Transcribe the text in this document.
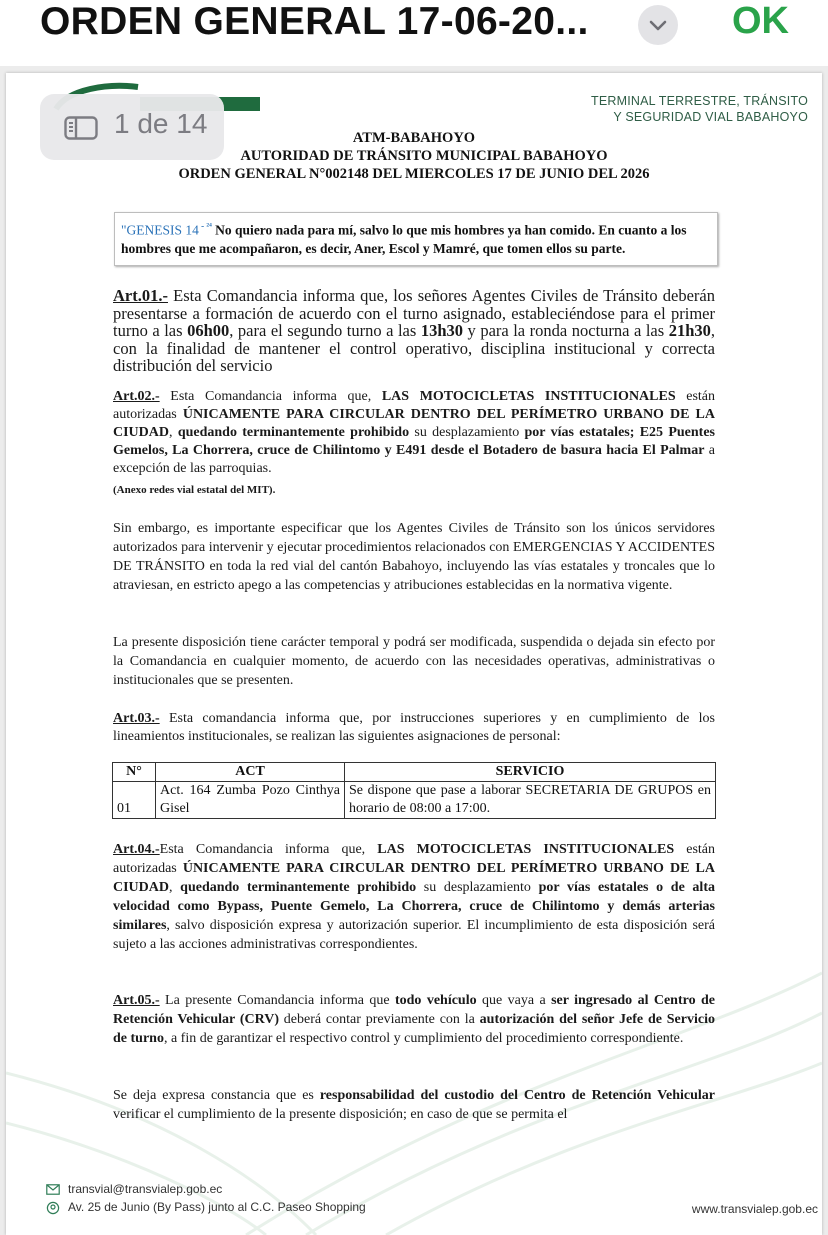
ORDEN GENERAL 17-06-20...	OK
1 de 14
TERMINAL TERRESTRE, TRÁNSITO
Y SEGURIDAD VIAL BABAHOYO
ATM-BABAHOYO
AUTORIDAD DE TRÁNSITO MUNICIPAL BABAHOYO
ORDEN GENERAL N°002148 DEL MIERCOLES 17 DE JUNIO DEL 2026
"GENESIS 14 $^{- ^{24}}$ No quiero nada para mí, salvo lo que mis hombres ya han comido. En cuanto a los hombres que me acompañaron, es decir, Aner, Escol y Mamré, que tomen ellos su parte.
Art.01.- Esta Comandancia informa que, los señores Agentes Civiles de Tránsito deberán presentarse a formación de acuerdo con el turno asignado, estableciéndose para el primer turno a las 06h00, para el segundo turno a las 13h30 y para la ronda nocturna a las 21h30, con la finalidad de mantener el control operativo, disciplina institucional y correcta distribución del servicio
Art.02.- Esta Comandancia informa que, LAS MOTOCICLETAS INSTITUCIONALES están autorizadas ÚNICAMENTE PARA CIRCULAR DENTRO DEL PERÍMETRO URBANO DE LA CIUDAD, quedando terminantemente prohibido su desplazamiento por vías estatales; E25 Puentes Gemelos, La Chorrera, cruce de Chilintomo y E491 desde el Botadero de basura hacia El Palmar a excepción de las parroquias.
(Anexo redes vial estatal del MIT).
Sin embargo, es importante especificar que los Agentes Civiles de Tránsito son los únicos servidores autorizados para intervenir y ejecutar procedimientos relacionados con EMERGENCIAS Y ACCIDENTES DE TRÁNSITO en toda la red vial del cantón Babahoyo, incluyendo las vías estatales y troncales que lo atraviesan, en estricto apego a las competencias y atribuciones establecidas en la normativa vigente.
La presente disposición tiene carácter temporal y podrá ser modificada, suspendida o dejada sin efecto por la Comandancia en cualquier momento, de acuerdo con las necesidades operativas, administrativas o institucionales que se presenten.
Art.03.- Esta comandancia informa que, por instrucciones superiores y en cumplimiento de los lineamientos institucionales, se realizan las siguientes asignaciones de personal:
N°	ACT	SERVICIO
01	Act. 164 Zumba Pozo Cinthya Gisel	Se dispone que pase a laborar SECRETARIA DE GRUPOS en horario de 08:00 a 17:00.
Art.04.-Esta Comandancia informa que, LAS MOTOCICLETAS INSTITUCIONALES están autorizadas ÚNICAMENTE PARA CIRCULAR DENTRO DEL PERÍMETRO URBANO DE LA CIUDAD, quedando terminantemente prohibido su desplazamiento por vías estatales o de alta velocidad como Bypass, Puente Gemelo, La Chorrera, cruce de Chilintomo y demás arterias similares, salvo disposición expresa y autorización superior. El incumplimiento de esta disposición será sujeto a las acciones administrativas correspondientes.
Art.05.- La presente Comandancia informa que todo vehículo que vaya a ser ingresado al Centro de Retención Vehicular (CRV) deberá contar previamente con la autorización del señor Jefe de Servicio de turno, a fin de garantizar el respectivo control y cumplimiento del procedimiento correspondiente.
Se deja expresa constancia que es responsabilidad del custodio del Centro de Retención Vehicular verificar el cumplimiento de la presente disposición; en caso de que se permita el
transvial@transvialep.gob.ec
Av. 25 de Junio (By Pass) junto al C.C. Paseo Shopping	www.transvialep.gob.ec
